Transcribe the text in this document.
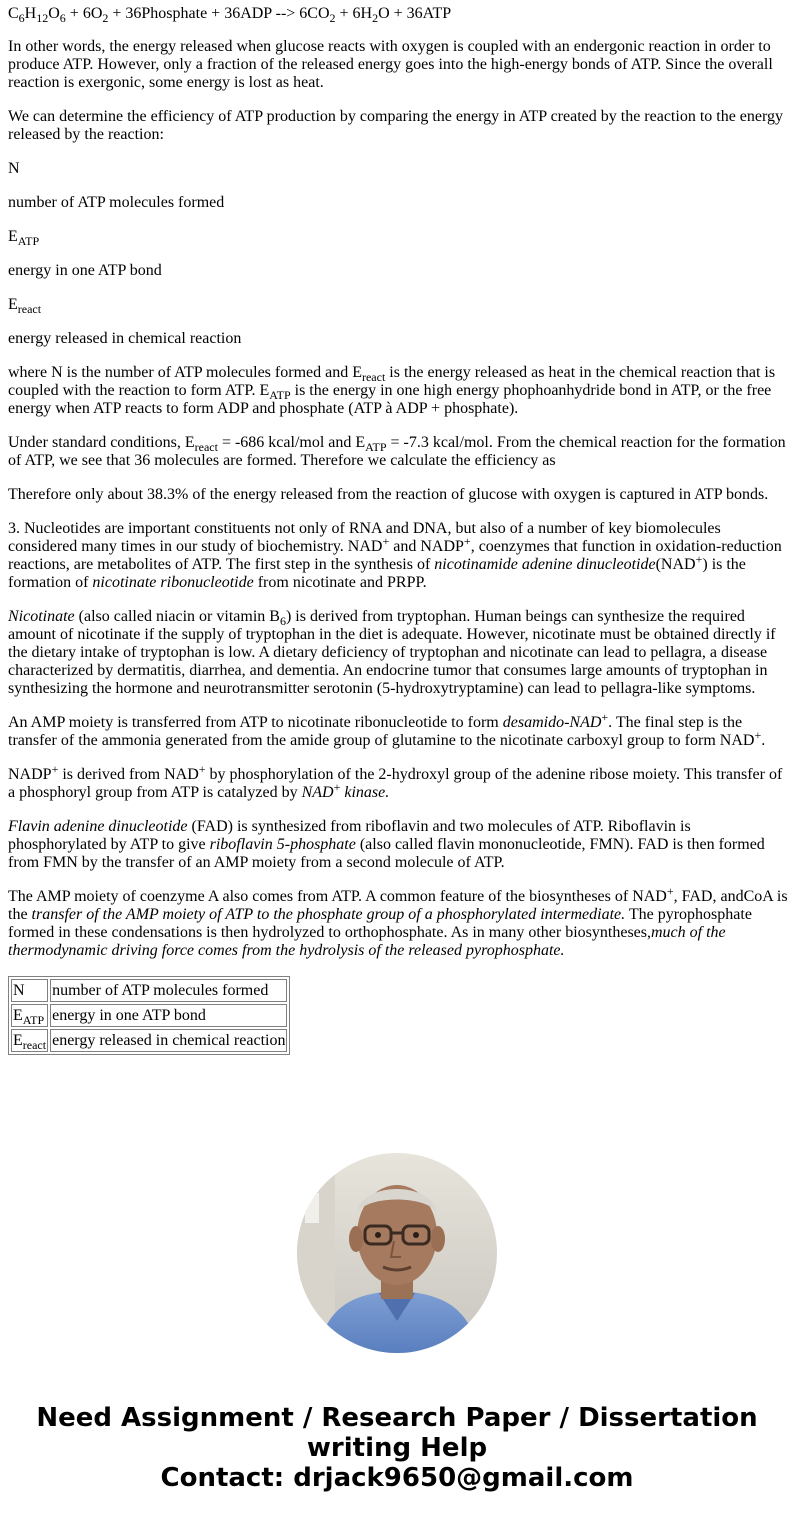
$C_6H_{12}O_6 + 6O_2$ + 36Phosphate + 36ADP --> $6CO_2 + 6H_2O + 36ATP$

In other words, the energy released when glucose reacts with oxygen is coupled with an endergonic reaction in order to produce ATP. However, only a fraction of the released energy goes into the high-energy bonds of ATP. Since the overall reaction is exergonic, some energy is lost as heat.

We can determine the efficiency of ATP production by comparing the energy in ATP created by the reaction to the energy released by the reaction:

N

number of ATP molecules formed

$E_{ATP}$

energy in one ATP bond

$E_{react}$

energy released in chemical reaction

where N is the number of ATP molecules formed and $E_{react}$ is the energy released as heat in the chemical reaction that is coupled with the reaction to form ATP. $E_{ATP}$ is the energy in one high energy phophoanhydride bond in ATP, or the free energy when ATP reacts to form ADP and phosphate (ATP à ADP + phosphate).

Under standard conditions, $E_{react} = -686$ kcal/mol and $E_{ATP} = -7.3$ kcal/mol. From the chemical reaction for the formation of ATP, we see that 36 molecules are formed. Therefore we calculate the efficiency as

Therefore only about 38.3% of the energy released from the reaction of glucose with oxygen is captured in ATP bonds.

3. Nucleotides are important constituents not only of RNA and DNA, but also of a number of key biomolecules considered many times in our study of biochemistry. NAD+ and NADP+, coenzymes that function in oxidation-reduction reactions, are metabolites of ATP. The first step in the synthesis of nicotinamide adenine dinucleotide(NAD+) is the formation of nicotinate ribonucleotide from nicotinate and PRPP.

Nicotinate (also called niacin or vitamin $B_6$) is derived from tryptophan. Human beings can synthesize the required amount of nicotinate if the supply of tryptophan in the diet is adequate. However, nicotinate must be obtained directly if the dietary intake of tryptophan is low. A dietary deficiency of tryptophan and nicotinate can lead to pellagra, a disease characterized by dermatitis, diarrhea, and dementia. An endocrine tumor that consumes large amounts of tryptophan in synthesizing the hormone and neurotransmitter serotonin (5-hydroxytryptamine) can lead to pellagra-like symptoms.

An AMP moiety is transferred from ATP to nicotinate ribonucleotide to form desamido-NAD+. The final step is the transfer of the ammonia generated from the amide group of glutamine to the nicotinate carboxyl group to form NAD+.

NADP+ is derived from NAD+ by phosphorylation of the 2-hydroxyl group of the adenine ribose moiety. This transfer of a phosphoryl group from ATP is catalyzed by NAD+ kinase.

Flavin adenine dinucleotide (FAD) is synthesized from riboflavin and two molecules of ATP. Riboflavin is phosphorylated by ATP to give riboflavin 5-phosphate (also called flavin mononucleotide, FMN). FAD is then formed from FMN by the transfer of an AMP moiety from a second molecule of ATP.

The AMP moiety of coenzyme A also comes from ATP. A common feature of the biosyntheses of NAD+, FAD, andCoA is the transfer of the AMP moiety of ATP to the phosphate group of a phosphorylated intermediate. The pyrophosphate formed in these condensations is then hydrolyzed to orthophosphate. As in many other biosyntheses,much of the thermodynamic driving force comes from the hydrolysis of the released pyrophosphate.

N	number of ATP molecules formed
$E_{ATP}$	energy in one ATP bond
$E_{react}$	energy released in chemical reaction
Need Assignment / Research Paper / Dissertation
writing Help
Contact: drjack9650@gmail.com
